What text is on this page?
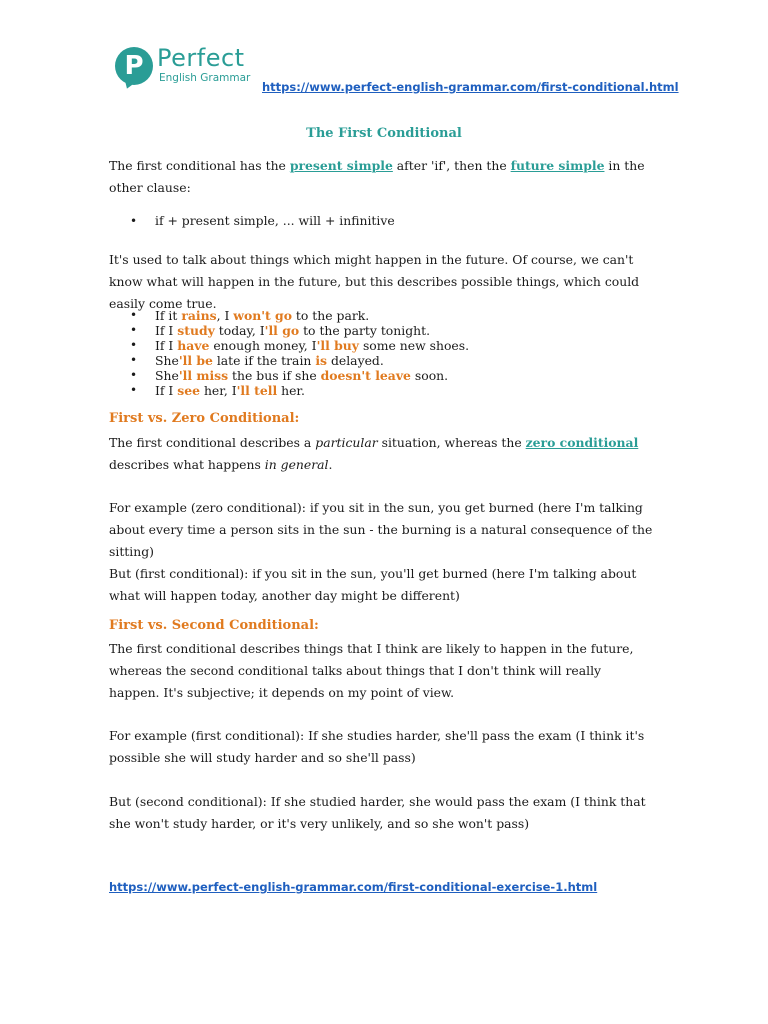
P Perfect
English Grammar
https://www.perfect-english-grammar.com/first-conditional.html
The First Conditional
The first conditional has the present simple after 'if', then the future simple in the other clause:
• if + present simple, ... will + infinitive
It's used to talk about things which might happen in the future. Of course, we can't know what will happen in the future, but this describes possible things, which could easily come true.
• If it rains, I won't go to the park.
• If I study today, I'll go to the party tonight.
• If I have enough money, I'll buy some new shoes.
• She'll be late if the train is delayed.
• She'll miss the bus if she doesn't leave soon.
• If I see her, I'll tell her.
First vs. Zero Conditional:
The first conditional describes a particular situation, whereas the zero conditional describes what happens in general.
For example (zero conditional): if you sit in the sun, you get burned (here I'm talking about every time a person sits in the sun - the burning is a natural consequence of the sitting)
But (first conditional): if you sit in the sun, you'll get burned (here I'm talking about what will happen today, another day might be different)
First vs. Second Conditional:
The first conditional describes things that I think are likely to happen in the future, whereas the second conditional talks about things that I don't think will really happen. It's subjective; it depends on my point of view.
For example (first conditional): If she studies harder, she'll pass the exam (I think it's possible she will study harder and so she'll pass)
But (second conditional): If she studied harder, she would pass the exam (I think that she won't study harder, or it's very unlikely, and so she won't pass)
https://www.perfect-english-grammar.com/first-conditional-exercise-1.html
